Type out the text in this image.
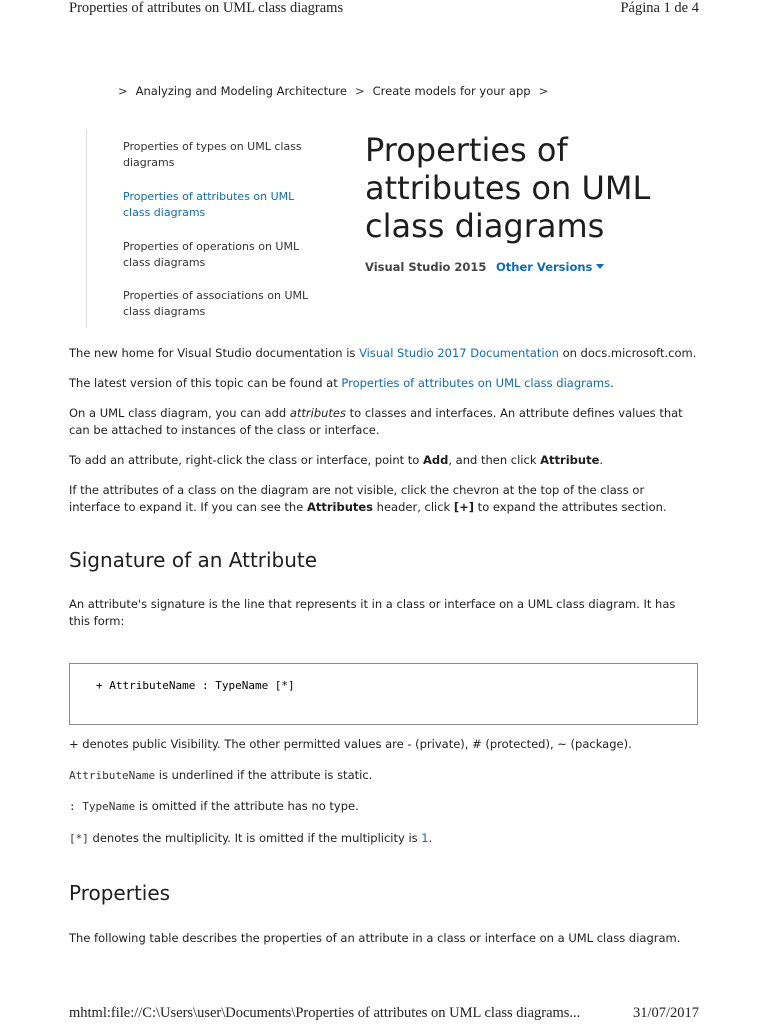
Properties of attributes on UML class diagrams	Página 1 de 4
> Analyzing and Modeling Architecture > Create models for your app >
Properties of types on UML class diagrams
Properties of attributes on UML class diagrams
Properties of operations on UML class diagrams
Properties of associations on UML class diagrams
Properties of attributes on UML class diagrams
Visual Studio 2015 Other Versions

The new home for Visual Studio documentation is Visual Studio 2017 Documentation on docs.microsoft.com.

The latest version of this topic can be found at Properties of attributes on UML class diagrams.

On a UML class diagram, you can add attributes to classes and interfaces. An attribute defines values that can be attached to instances of the class or interface.

To add an attribute, right-click the class or interface, point to Add, and then click Attribute.

If the attributes of a class on the diagram are not visible, click the chevron at the top of the class or interface to expand it. If you can see the Attributes header, click [+] to expand the attributes section.

Signature of an Attribute

An attribute's signature is the line that represents it in a class or interface on a UML class diagram. It has this form:

+ AttributeName : TypeName [*]

+ denotes public Visibility. The other permitted values are - (private), # (protected), ~ (package).

AttributeName is underlined if the attribute is static.

: TypeName is omitted if the attribute has no type.

[*] denotes the multiplicity. It is omitted if the multiplicity is 1.

Properties

The following table describes the properties of an attribute in a class or interface on a UML class diagram.

mhtml:file://C:\Users\user\Documents\Properties of attributes on UML class diagrams...	31/07/2017
